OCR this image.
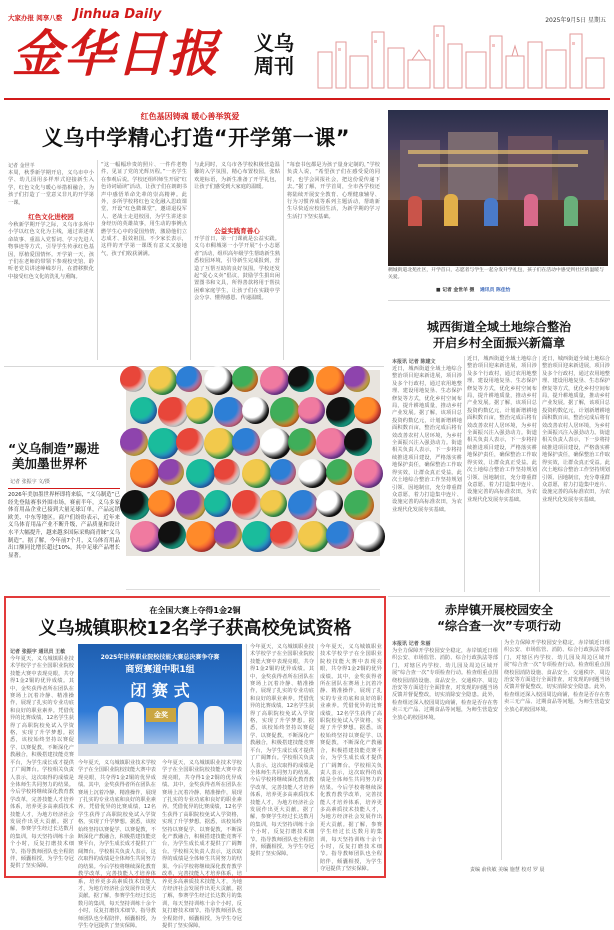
大家办报 阅享八婺 Jinhua Daily
金华日报 义乌周刊
2025年9月5日 星期五
红色基因铸魂 暖心善举筑爱
义乌中学精心打造“开学第一课”
记者 金世羊
本周，秋季新学期开启，义乌市中小学、幼儿园用多样形式迎接新生入学，红色文化与暖心举措相融合，为孩子们打造了一堂意义非凡的开学第一课。
红色文化进校园
今秋新学期开学之际，义乌市多所中小学以红色文化为主线，通过讲述革命故事、重温入党誓词、学习先进人物事迹等方式，引导学生传承红色基因，厚植爱国情怀。开学第一天，孩子们在老师的带领下参观校史馆、聆听老党员讲述峥嵘岁月，在潜移默化中接受红色文化的洗礼与熏陶。
“这一幅幅珍贵的照片、一件件老物件，见证了党的光辉历程。”一名学生在参观后说。学校还组织师生开展“红色诗词诵读”活动，让孩子们在朗朗书声中感悟革命先辈的崇高精神。此外，多所学校将红色文化融入思政课堂，开设“红色微课堂”，邀请退役军人、老战士走进校园，为学生讲述亲身经历的英雄故事，用生动的事例点燃学生心中的爱国热情，激励他们立志成才、报效祖国。不少家长表示，这样的开学第一课既有意义又接地气，孩子们收获满满。
与此同时，义乌市各学校积极营造温馨的入学氛围，精心布置校园，张贴欢迎标语，为新生准备了开学礼包，让孩子们感受到大家庭的温暖。
公益实践育善心
开学首日，第一门课就是公益实践。义乌市稠城第一小学开展“小小志愿者”活动，组织高年级学生帮助新生熟悉校园环境，引导新生完成报到，营造了互帮互助的良好氛围。学校还发起“爱心义卖”倡议，鼓励学生捐出闲置图书和文具，所得善款将用于帮扶困难家庭学生，让孩子们在实践中学会分享、懂得感恩、传递温暖。
“每套书包都是为孩子量身定制的，”学校负责人说，“希望孩子们在感受爱的同时，也学会回报社会，把这份爱传递下去。”据了解，开学首周，全市各学校还将陆续开展安全教育、心理健康辅导、行为习惯养成等系列主题活动，帮助新生尽快适应校园生活，为新学期的学习生活打下坚实基础。
稠城街道北苑社区，开学首日，志愿者与学生一起分发开学礼包，孩子们在活动中感受到社区的温暖与关爱。
■ 记者 金世羊 摄 通讯员 陈佳怡
“义乌制造”踢进
美加墨世界杯
记者 张振宇 文/摄
2026年美加墨世界杯即将来临，“义乌制造”已经先登陆赛事外围市场，赛前半年，义乌多家体育用品企业已接到大量足球订单，产品远销欧美、中东等地区。商户们纷纷表示，近年来义乌体育用品产业不断升级，产品质量和设计水平大幅提升，越来越多国际采购商青睐“义乌制造”。据了解，今年前7个月，义乌体育用品出口额同比增长超过10%，其中足球产品增长显著。
城西街道全域土地综合整治
开启乡村全面振兴新篇章
本报讯 记者 陈建文
近日，城西街道全域土地综合整治项目迎来新进展，项目涉及多个行政村，通过农用地整理、建设用地复垦、生态保护修复等方式，优化乡村空间布局，提升耕地质量，推动乡村产业发展。据了解，该项目总投资约数亿元，计划新增耕地面积数百亩，整治完成后将有效改善农村人居环境，为乡村全面振兴注入强劲动力。街道相关负责人表示，下一步将持续推进项目建设，严格落实耕地保护责任，确保整治工作取得实效，让群众真正受益。此次土地综合整治工作坚持规划引领、因地制宜，充分尊重群众意愿，着力打造集中连片、设施完善的高标准农田，为农业现代化发展夯实基础。
近日，城西街道全域土地综合整治项目迎来新进展，项目涉及多个行政村，通过农用地整理、建设用地复垦、生态保护修复等方式，优化乡村空间布局，提升耕地质量，推动乡村产业发展。据了解，该项目总投资约数亿元，计划新增耕地面积数百亩，整治完成后将有效改善农村人居环境，为乡村全面振兴注入强劲动力。街道相关负责人表示，下一步将持续推进项目建设，严格落实耕地保护责任，确保整治工作取得实效，让群众真正受益。此次土地综合整治工作坚持规划引领、因地制宜，充分尊重群众意愿，着力打造集中连片、设施完善的高标准农田，为农业现代化发展夯实基础。
近日，城西街道全域土地综合整治项目迎来新进展，项目涉及多个行政村，通过农用地整理、建设用地复垦、生态保护修复等方式，优化乡村空间布局，提升耕地质量，推动乡村产业发展。据了解，该项目总投资约数亿元，计划新增耕地面积数百亩，整治完成后将有效改善农村人居环境，为乡村全面振兴注入强劲动力。街道相关负责人表示，下一步将持续推进项目建设，严格落实耕地保护责任，确保整治工作取得实效，让群众真正受益。此次土地综合整治工作坚持规划引领、因地制宜，充分尊重群众意愿，着力打造集中连片、设施完善的高标准农田，为农业现代化发展夯实基础。
在全国大赛上夺得1金2铜
义乌城镇职校12名学子获高校免试资格
记者 张振宇 通讯员 王敏
今年夏天，义乌城镇职业技术学校学子在全国职业院校技能大赛中表现亮眼，共夺得1金2铜的优异成绩。其中，金奖获得者所在团队在赛场上沉着冷静、精准操作，展现了扎实的专业功底和良好的职业素养。凭借优异的比赛成绩，12名学生获得了高职院校免试入学资格，实现了升学梦想。据悉，该校始终坚持以赛促学、以赛促教，不断深化产教融合，积极搭建技能竞赛平台，为学生成长成才提供了广阔舞台。学校相关负责人表示，这次取得的成绩是全体师生共同努力的结果。今后学校将继续深化教育教学改革，完善技能人才培养体系，培养更多高素质技术技能人才，为地方经济社会发展作出更大贡献。据了解，参赛学生经过长达数月的集训，每天坚持训练十余个小时，反复打磨技术细节。指导教师团队也全程陪伴，倾囊相授，为学生夺冠提供了坚实保障。
2025年世界职业院校技能大赛总决赛争夺赛
商贸赛道中职1组
闭 赛 式
金奖
今年夏天，义乌城镇职业技术学校学子在全国职业院校技能大赛中表现亮眼，共夺得1金2铜的优异成绩。其中，金奖获得者所在团队在赛场上沉着冷静、精准操作，展现了扎实的专业功底和良好的职业素养。凭借优异的比赛成绩，12名学生获得了高职院校免试入学资格，实现了升学梦想。据悉，该校始终坚持以赛促学、以赛促教，不断深化产教融合，积极搭建技能竞赛平台，为学生成长成才提供了广阔舞台。学校相关负责人表示，这次取得的成绩是全体师生共同努力的结果。今后学校将继续深化教育教学改革，完善技能人才培养体系，培养更多高素质技术技能人才，为地方经济社会发展作出更大贡献。据了解，参赛学生经过长达数月的集训，每天坚持训练十余个小时，反复打磨技术细节。指导教师团队也全程陪伴，倾囊相授，为学生夺冠提供了坚实保障。
今年夏天，义乌城镇职业技术学校学子在全国职业院校技能大赛中表现亮眼，共夺得1金2铜的优异成绩。其中，金奖获得者所在团队在赛场上沉着冷静、精准操作，展现了扎实的专业功底和良好的职业素养。凭借优异的比赛成绩，12名学生获得了高职院校免试入学资格，实现了升学梦想。据悉，该校始终坚持以赛促学、以赛促教，不断深化产教融合，积极搭建技能竞赛平台，为学生成长成才提供了广阔舞台。学校相关负责人表示，这次取得的成绩是全体师生共同努力的结果。今后学校将继续深化教育教学改革，完善技能人才培养体系，培养更多高素质技术技能人才，为地方经济社会发展作出更大贡献。据了解，参赛学生经过长达数月的集训，每天坚持训练十余个小时，反复打磨技术细节。指导教师团队也全程陪伴，倾囊相授，为学生夺冠提供了坚实保障。
今年夏天，义乌城镇职业技术学校学子在全国职业院校技能大赛中表现亮眼，共夺得1金2铜的优异成绩。其中，金奖获得者所在团队在赛场上沉着冷静、精准操作，展现了扎实的专业功底和良好的职业素养。凭借优异的比赛成绩，12名学生获得了高职院校免试入学资格，实现了升学梦想。据悉，该校始终坚持以赛促学、以赛促教，不断深化产教融合，积极搭建技能竞赛平台，为学生成长成才提供了广阔舞台。学校相关负责人表示，这次取得的成绩是全体师生共同努力的结果。今后学校将继续深化教育教学改革，完善技能人才培养体系，培养更多高素质技术技能人才，为地方经济社会发展作出更大贡献。据了解，参赛学生经过长达数月的集训，每天坚持训练十余个小时，反复打磨技术细节。指导教师团队也全程陪伴，倾囊相授，为学生夺冠提供了坚实保障。
今年夏天，义乌城镇职业技术学校学子在全国职业院校技能大赛中表现亮眼，共夺得1金2铜的优异成绩。其中，金奖获得者所在团队在赛场上沉着冷静、精准操作，展现了扎实的专业功底和良好的职业素养。凭借优异的比赛成绩，12名学生获得了高职院校免试入学资格，实现了升学梦想。据悉，该校始终坚持以赛促学、以赛促教，不断深化产教融合，积极搭建技能竞赛平台，为学生成长成才提供了广阔舞台。学校相关负责人表示，这次取得的成绩是全体师生共同努力的结果。今后学校将继续深化教育教学改革，完善技能人才培养体系，培养更多高素质技术技能人才，为地方经济社会发展作出更大贡献。据了解，参赛学生经过长达数月的集训，每天坚持训练十余个小时，反复打磨技术细节。指导教师团队也全程陪伴，倾囊相授，为学生夺冠提供了坚实保障。
赤岸镇开展校园安全
“综合查一次”专项行动
本报讯 记者 朱丽
为全力保障开学校园安全稳定，赤岸镇近日组织公安、市场监管、消防、综合行政执法等部门，对辖区内学校、幼儿园及周边区域开展“综合查一次”专项检查行动。检查组重点围绕校园消防设施、食品安全、交通秩序、周边治安等方面进行全面排查，对发现的问题当场反馈并督促整改，切实消除安全隐患。此外，检查组还深入校园周边商铺，检查是否存在售卖三无产品、过期食品等问题，为师生营造安全放心的校园环境。
为全力保障开学校园安全稳定，赤岸镇近日组织公安、市场监管、消防、综合行政执法等部门，对辖区内学校、幼儿园及周边区域开展“综合查一次”专项检查行动。检查组重点围绕校园消防设施、食品安全、交通秩序、周边治安等方面进行全面排查，对发现的问题当场反馈并督促整改，切实消除安全隐患。此外，检查组还深入校园周边商铺，检查是否存在售卖三无产品、过期食品等问题，为师生营造安全放心的校园环境。
责编 俞侠敏 美编 施慧 校对 罗 晨
